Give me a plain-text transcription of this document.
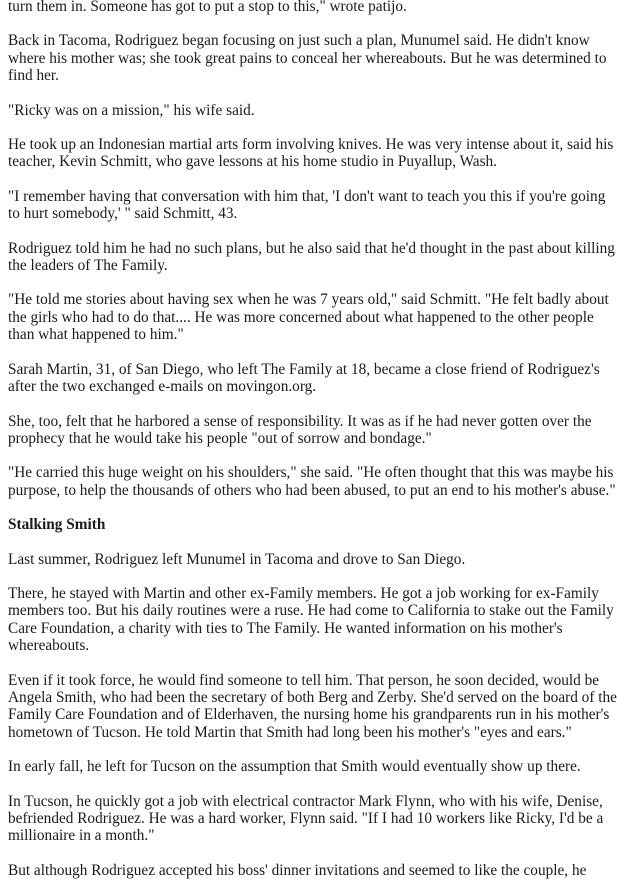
turn them in. Someone has got to put a stop to this," wrote patijo.
Back in Tacoma, Rodriguez began focusing on just such a plan, Munumel said. He didn't know
where his mother was; she took great pains to conceal her whereabouts. But he was determined to
find her.
"Ricky was on a mission," his wife said.
He took up an Indonesian martial arts form involving knives. He was very intense about it, said his
teacher, Kevin Schmitt, who gave lessons at his home studio in Puyallup, Wash.
"I remember having that conversation with him that, 'I don't want to teach you this if you're going
to hurt somebody,' " said Schmitt, 43.
Rodriguez told him he had no such plans, but he also said that he'd thought in the past about killing
the leaders of The Family.
"He told me stories about having sex when he was 7 years old," said Schmitt. "He felt badly about
the girls who had to do that.... He was more concerned about what happened to the other people
than what happened to him."
Sarah Martin, 31, of San Diego, who left The Family at 18, became a close friend of Rodriguez's
after the two exchanged e-mails on movingon.org.
She, too, felt that he harbored a sense of responsibility. It was as if he had never gotten over the
prophecy that he would take his people "out of sorrow and bondage."
"He carried this huge weight on his shoulders," she said. "He often thought that this was maybe his
purpose, to help the thousands of others who had been abused, to put an end to his mother's abuse."
Stalking Smith
Last summer, Rodriguez left Munumel in Tacoma and drove to San Diego.
There, he stayed with Martin and other ex-Family members. He got a job working for ex-Family
members too. But his daily routines were a ruse. He had come to California to stake out the Family
Care Foundation, a charity with ties to The Family. He wanted information on his mother's
whereabouts.
Even if it took force, he would find someone to tell him. That person, he soon decided, would be
Angela Smith, who had been the secretary of both Berg and Zerby. She'd served on the board of the
Family Care Foundation and of Elderhaven, the nursing home his grandparents run in his mother's
hometown of Tucson. He told Martin that Smith had long been his mother's "eyes and ears."
In early fall, he left for Tucson on the assumption that Smith would eventually show up there.
In Tucson, he quickly got a job with electrical contractor Mark Flynn, who with his wife, Denise,
befriended Rodriguez. He was a hard worker, Flynn said. "If I had 10 workers like Ricky, I'd be a
millionaire in a month."
But although Rodriguez accepted his boss' dinner invitations and seemed to like the couple, he
